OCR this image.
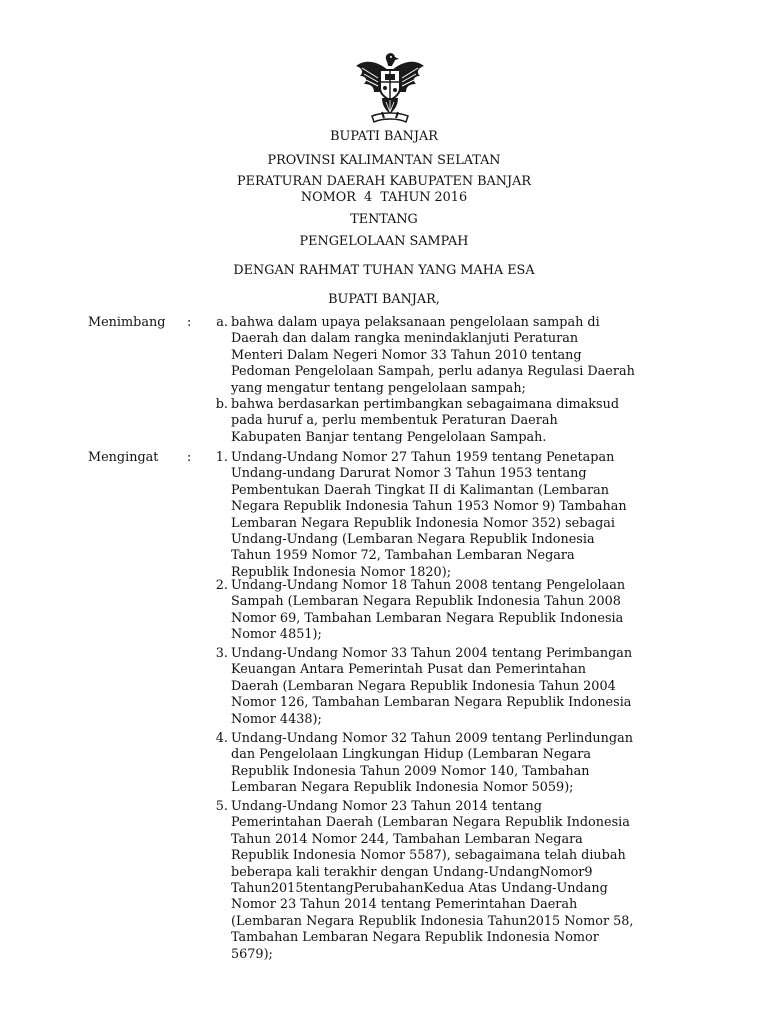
BUPATI BANJAR
PROVINSI KALIMANTAN SELATAN
PERATURAN DAERAH KABUPATEN BANJAR
NOMOR  4  TAHUN 2016
TENTANG
PENGELOLAAN SAMPAH
DENGAN RAHMAT TUHAN YANG MAHA ESA
BUPATI BANJAR,
Menimbang	:	a. bahwa dalam upaya pelaksanaan pengelolaan sampah di
Daerah dan dalam rangka menindaklanjuti Peraturan
Menteri Dalam Negeri Nomor 33 Tahun 2010 tentang
Pedoman Pengelolaan Sampah, perlu adanya Regulasi Daerah
yang mengatur tentang pengelolaan sampah;
b. bahwa berdasarkan pertimbangkan sebagaimana dimaksud
pada huruf a, perlu membentuk Peraturan Daerah
Kabupaten Banjar tentang Pengelolaan Sampah.
Mengingat	:	1. Undang-Undang Nomor 27 Tahun 1959 tentang Penetapan
Undang-undang Darurat Nomor 3 Tahun 1953 tentang
Pembentukan Daerah Tingkat II di Kalimantan (Lembaran
Negara Republik Indonesia Tahun 1953 Nomor 9) Tambahan
Lembaran Negara Republik Indonesia Nomor 352) sebagai
Undang-Undang (Lembaran Negara Republik Indonesia
Tahun 1959 Nomor 72, Tambahan Lembaran Negara
Republik Indonesia Nomor 1820);
2. Undang-Undang Nomor 18 Tahun 2008 tentang Pengelolaan
Sampah (Lembaran Negara Republik Indonesia Tahun 2008
Nomor 69, Tambahan Lembaran Negara Republik Indonesia
Nomor 4851);
3. Undang-Undang Nomor 33 Tahun 2004 tentang Perimbangan
Keuangan Antara Pemerintah Pusat dan Pemerintahan
Daerah (Lembaran Negara Republik Indonesia Tahun 2004
Nomor 126, Tambahan Lembaran Negara Republik Indonesia
Nomor 4438);
4. Undang-Undang Nomor 32 Tahun 2009 tentang Perlindungan
dan Pengelolaan Lingkungan Hidup (Lembaran Negara
Republik Indonesia Tahun 2009 Nomor 140, Tambahan
Lembaran Negara Republik Indonesia Nomor 5059);
5. Undang-Undang Nomor 23 Tahun 2014 tentang
Pemerintahan Daerah (Lembaran Negara Republik Indonesia
Tahun 2014 Nomor 244, Tambahan Lembaran Negara
Republik Indonesia Nomor 5587), sebagaimana telah diubah
beberapa kali terakhir dengan Undang-UndangNomor9
Tahun2015tentangPerubahanKedua Atas Undang-Undang
Nomor 23 Tahun 2014 tentang Pemerintahan Daerah
(Lembaran Negara Republik Indonesia Tahun2015 Nomor 58,
Tambahan Lembaran Negara Republik Indonesia Nomor
5679);
